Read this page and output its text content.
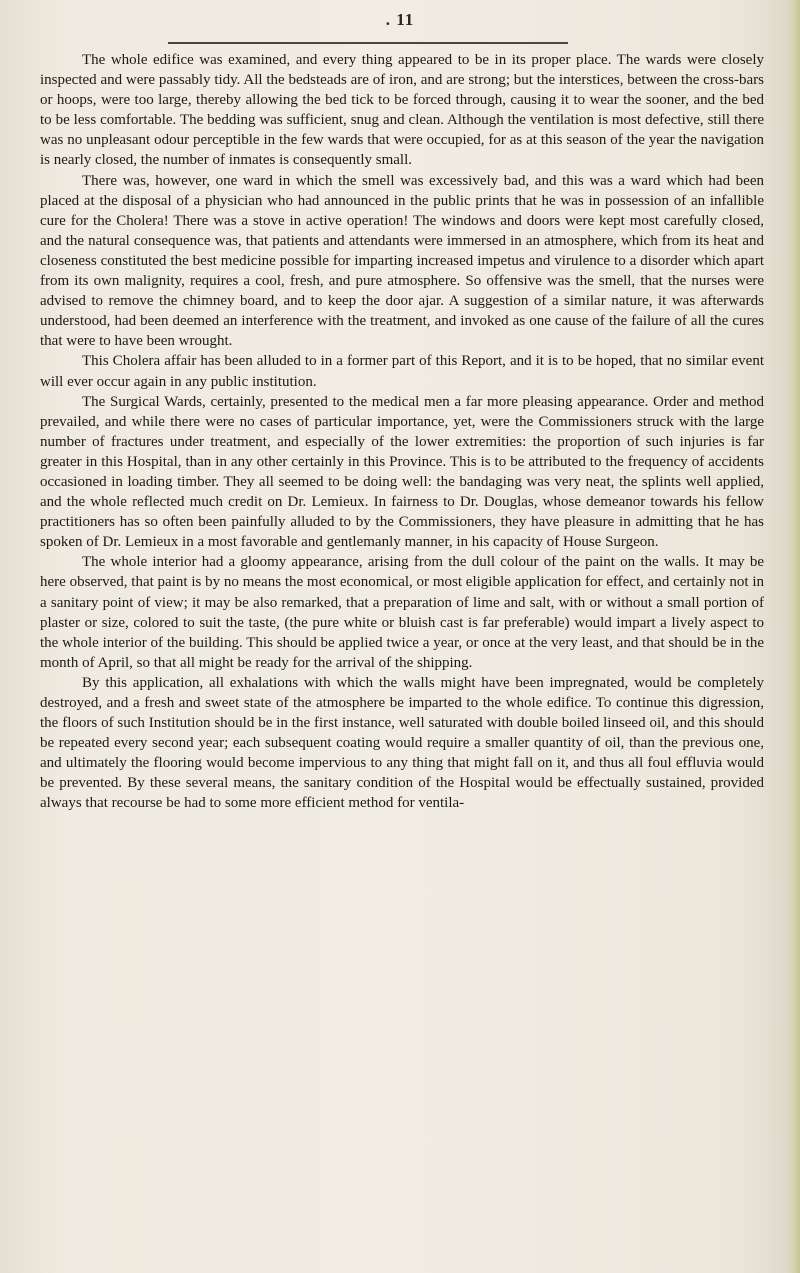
. 11

The whole edifice was examined, and every thing appeared to be in its proper place. The wards were closely inspected and were passably tidy. All the bedsteads are of iron, and are strong; but the interstices, between the cross-bars or hoops, were too large, thereby allowing the bed tick to be forced through, causing it to wear the sooner, and the bed to be less comfortable. The bedding was sufficient, snug and clean. Although the ventilation is most defective, still there was no unpleasant odour perceptible in the few wards that were occupied, for as at this season of the year the navigation is nearly closed, the number of inmates is consequently small.

There was, however, one ward in which the smell was excessively bad, and this was a ward which had been placed at the disposal of a physician who had announced in the public prints that he was in possession of an infallible cure for the Cholera! There was a stove in active operation! The windows and doors were kept most carefully closed, and the natural consequence was, that patients and attendants were immersed in an atmosphere, which from its heat and closeness constituted the best medicine possible for imparting increased impetus and virulence to a disorder which apart from its own malignity, requires a cool, fresh, and pure atmosphere. So offensive was the smell, that the nurses were advised to remove the chimney board, and to keep the door ajar. A suggestion of a similar nature, it was afterwards understood, had been deemed an interference with the treatment, and invoked as one cause of the failure of all the cures that were to have been wrought.

This Cholera affair has been alluded to in a former part of this Report, and it is to be hoped, that no similar event will ever occur again in any public institution.

The Surgical Wards, certainly, presented to the medical men a far more pleasing appearance. Order and method prevailed, and while there were no cases of particular importance, yet, were the Commissioners struck with the large number of fractures under treatment, and especially of the lower extremities: the proportion of such injuries is far greater in this Hospital, than in any other certainly in this Province. This is to be attributed to the frequency of accidents occasioned in loading timber. They all seemed to be doing well: the bandaging was very neat, the splints well applied, and the whole reflected much credit on Dr. Lemieux. In fairness to Dr. Douglas, whose demeanor towards his fellow practitioners has so often been painfully alluded to by the Commissioners, they have pleasure in admitting that he has spoken of Dr. Lemieux in a most favorable and gentlemanly manner, in his capacity of House Surgeon.

The whole interior had a gloomy appearance, arising from the dull colour of the paint on the walls. It may be here observed, that paint is by no means the most economical, or most eligible application for effect, and certainly not in a sanitary point of view; it may be also remarked, that a preparation of lime and salt, with or without a small portion of plaster or size, colored to suit the taste, (the pure white or bluish cast is far preferable) would impart a lively aspect to the whole interior of the building. This should be applied twice a year, or once at the very least, and that should be in the month of April, so that all might be ready for the arrival of the shipping.

By this application, all exhalations with which the walls might have been impregnated, would be completely destroyed, and a fresh and sweet state of the atmosphere be imparted to the whole edifice. To continue this digression, the floors of such Institution should be in the first instance, well saturated with double boiled linseed oil, and this should be repeated every second year; each subsequent coating would require a smaller quantity of oil, than the previous one, and ultimately the flooring would become impervious to any thing that might fall on it, and thus all foul effluvia would be prevented. By these several means, the sanitary condition of the Hospital would be effectually sustained, provided always that recourse be had to some more efficient method for ventila-
